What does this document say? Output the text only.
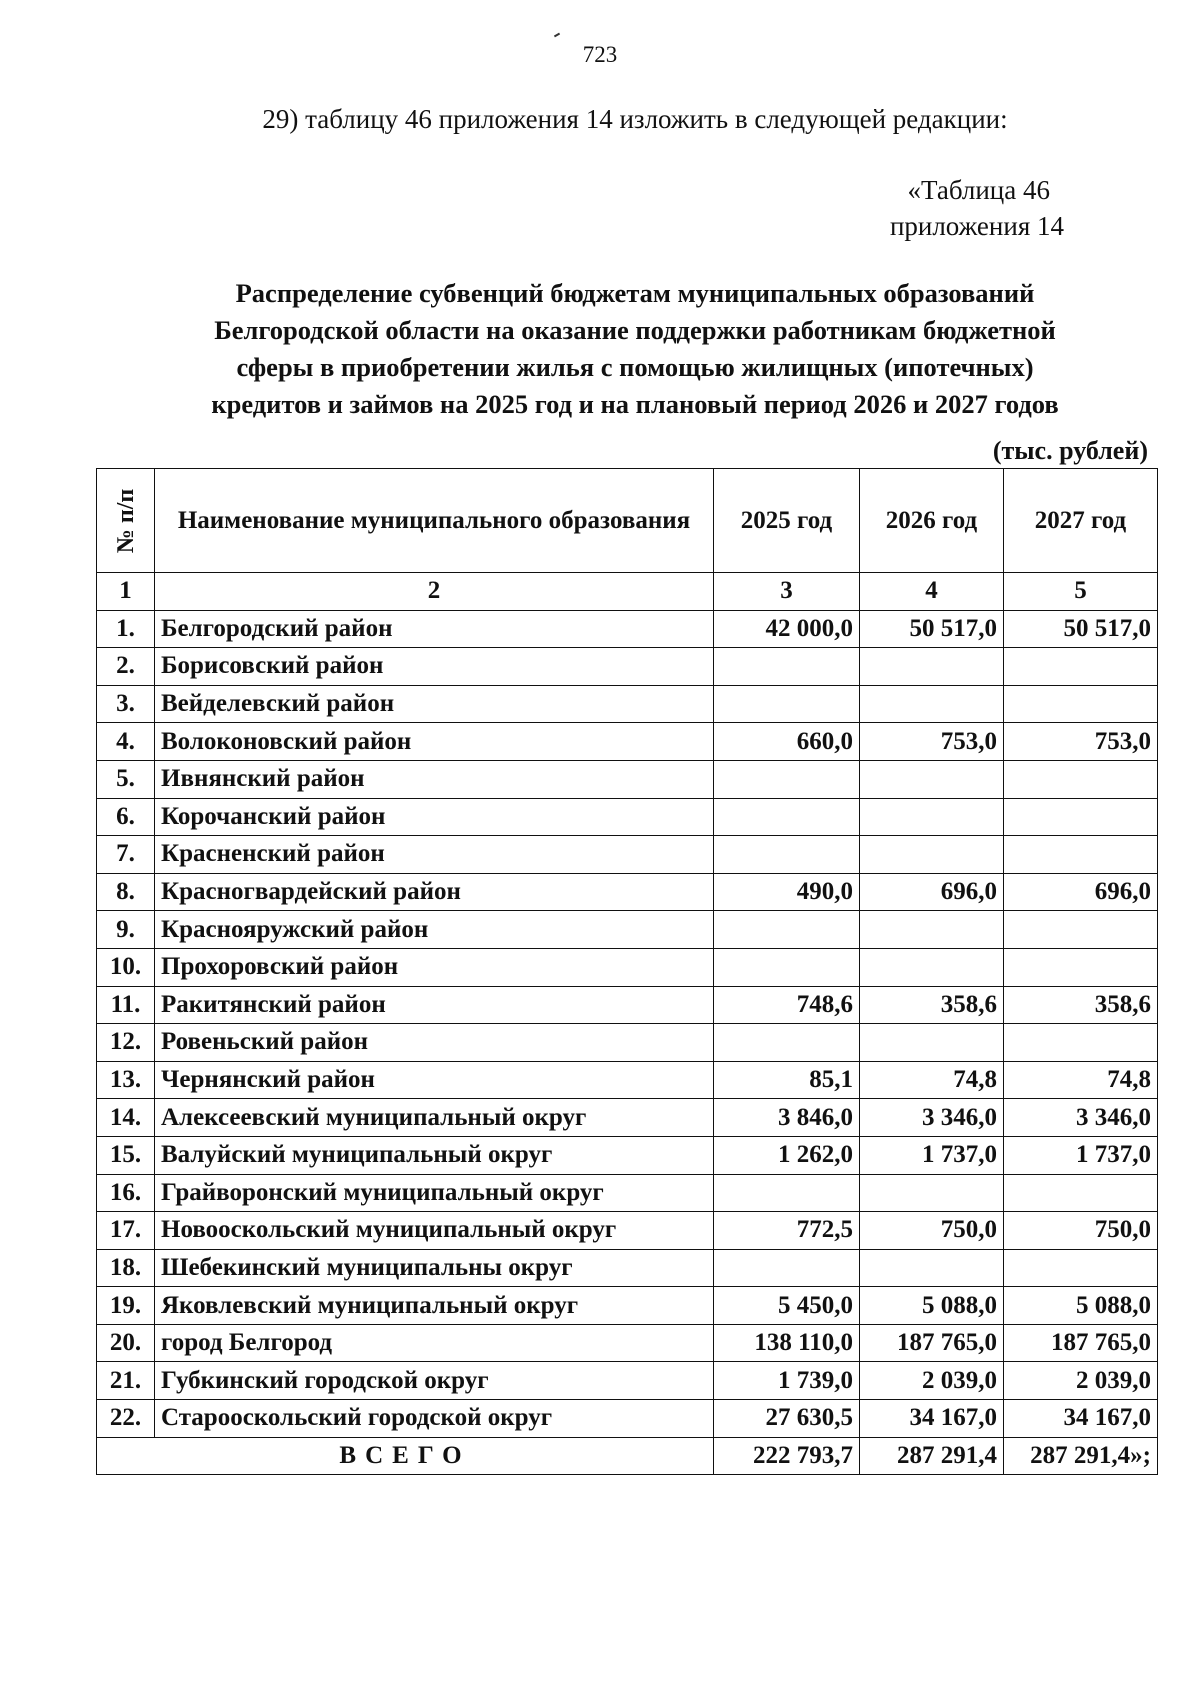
723
29) таблицу 46 приложения 14 изложить в следующей редакции:
«Таблица 46
приложения 14
Распределение субвенций бюджетам муниципальных образований
Белгородской области на оказание поддержки работникам бюджетной
сферы в приобретении жилья с помощью жилищных (ипотечных)
кредитов и займов на 2025 год и на плановый период 2026 и 2027 годов
(тыс. рублей)
№ п/п	Наименование муниципального образования	2025 год	2026 год	2027 год
1	2	3	4	5
1.	Белгородский район	42 000,0	50 517,0	50 517,0
2.	Борисовский район			
3.	Вейделевский район			
4.	Волоконовский район	660,0	753,0	753,0
5.	Ивнянский район			
6.	Корочанский район			
7.	Красненский район			
8.	Красногвардейский район	490,0	696,0	696,0
9.	Краснояружский район			
10.	Прохоровский район			
11.	Ракитянский район	748,6	358,6	358,6
12.	Ровеньский район			
13.	Чернянский район	85,1	74,8	74,8
14.	Алексеевский муниципальный округ	3 846,0	3 346,0	3 346,0
15.	Валуйский муниципальный округ	1 262,0	1 737,0	1 737,0
16.	Грайворонский муниципальный округ			
17.	Новооскольский муниципальный округ	772,5	750,0	750,0
18.	Шебекинский муниципальны округ			
19.	Яковлевский муниципальный округ	5 450,0	5 088,0	5 088,0
20.	город Белгород	138 110,0	187 765,0	187 765,0
21.	Губкинский городской округ	1 739,0	2 039,0	2 039,0
22.	Старооскольский городской округ	27 630,5	34 167,0	34 167,0
ВСЕГО		222 793,7	287 291,4	287 291,4»;
